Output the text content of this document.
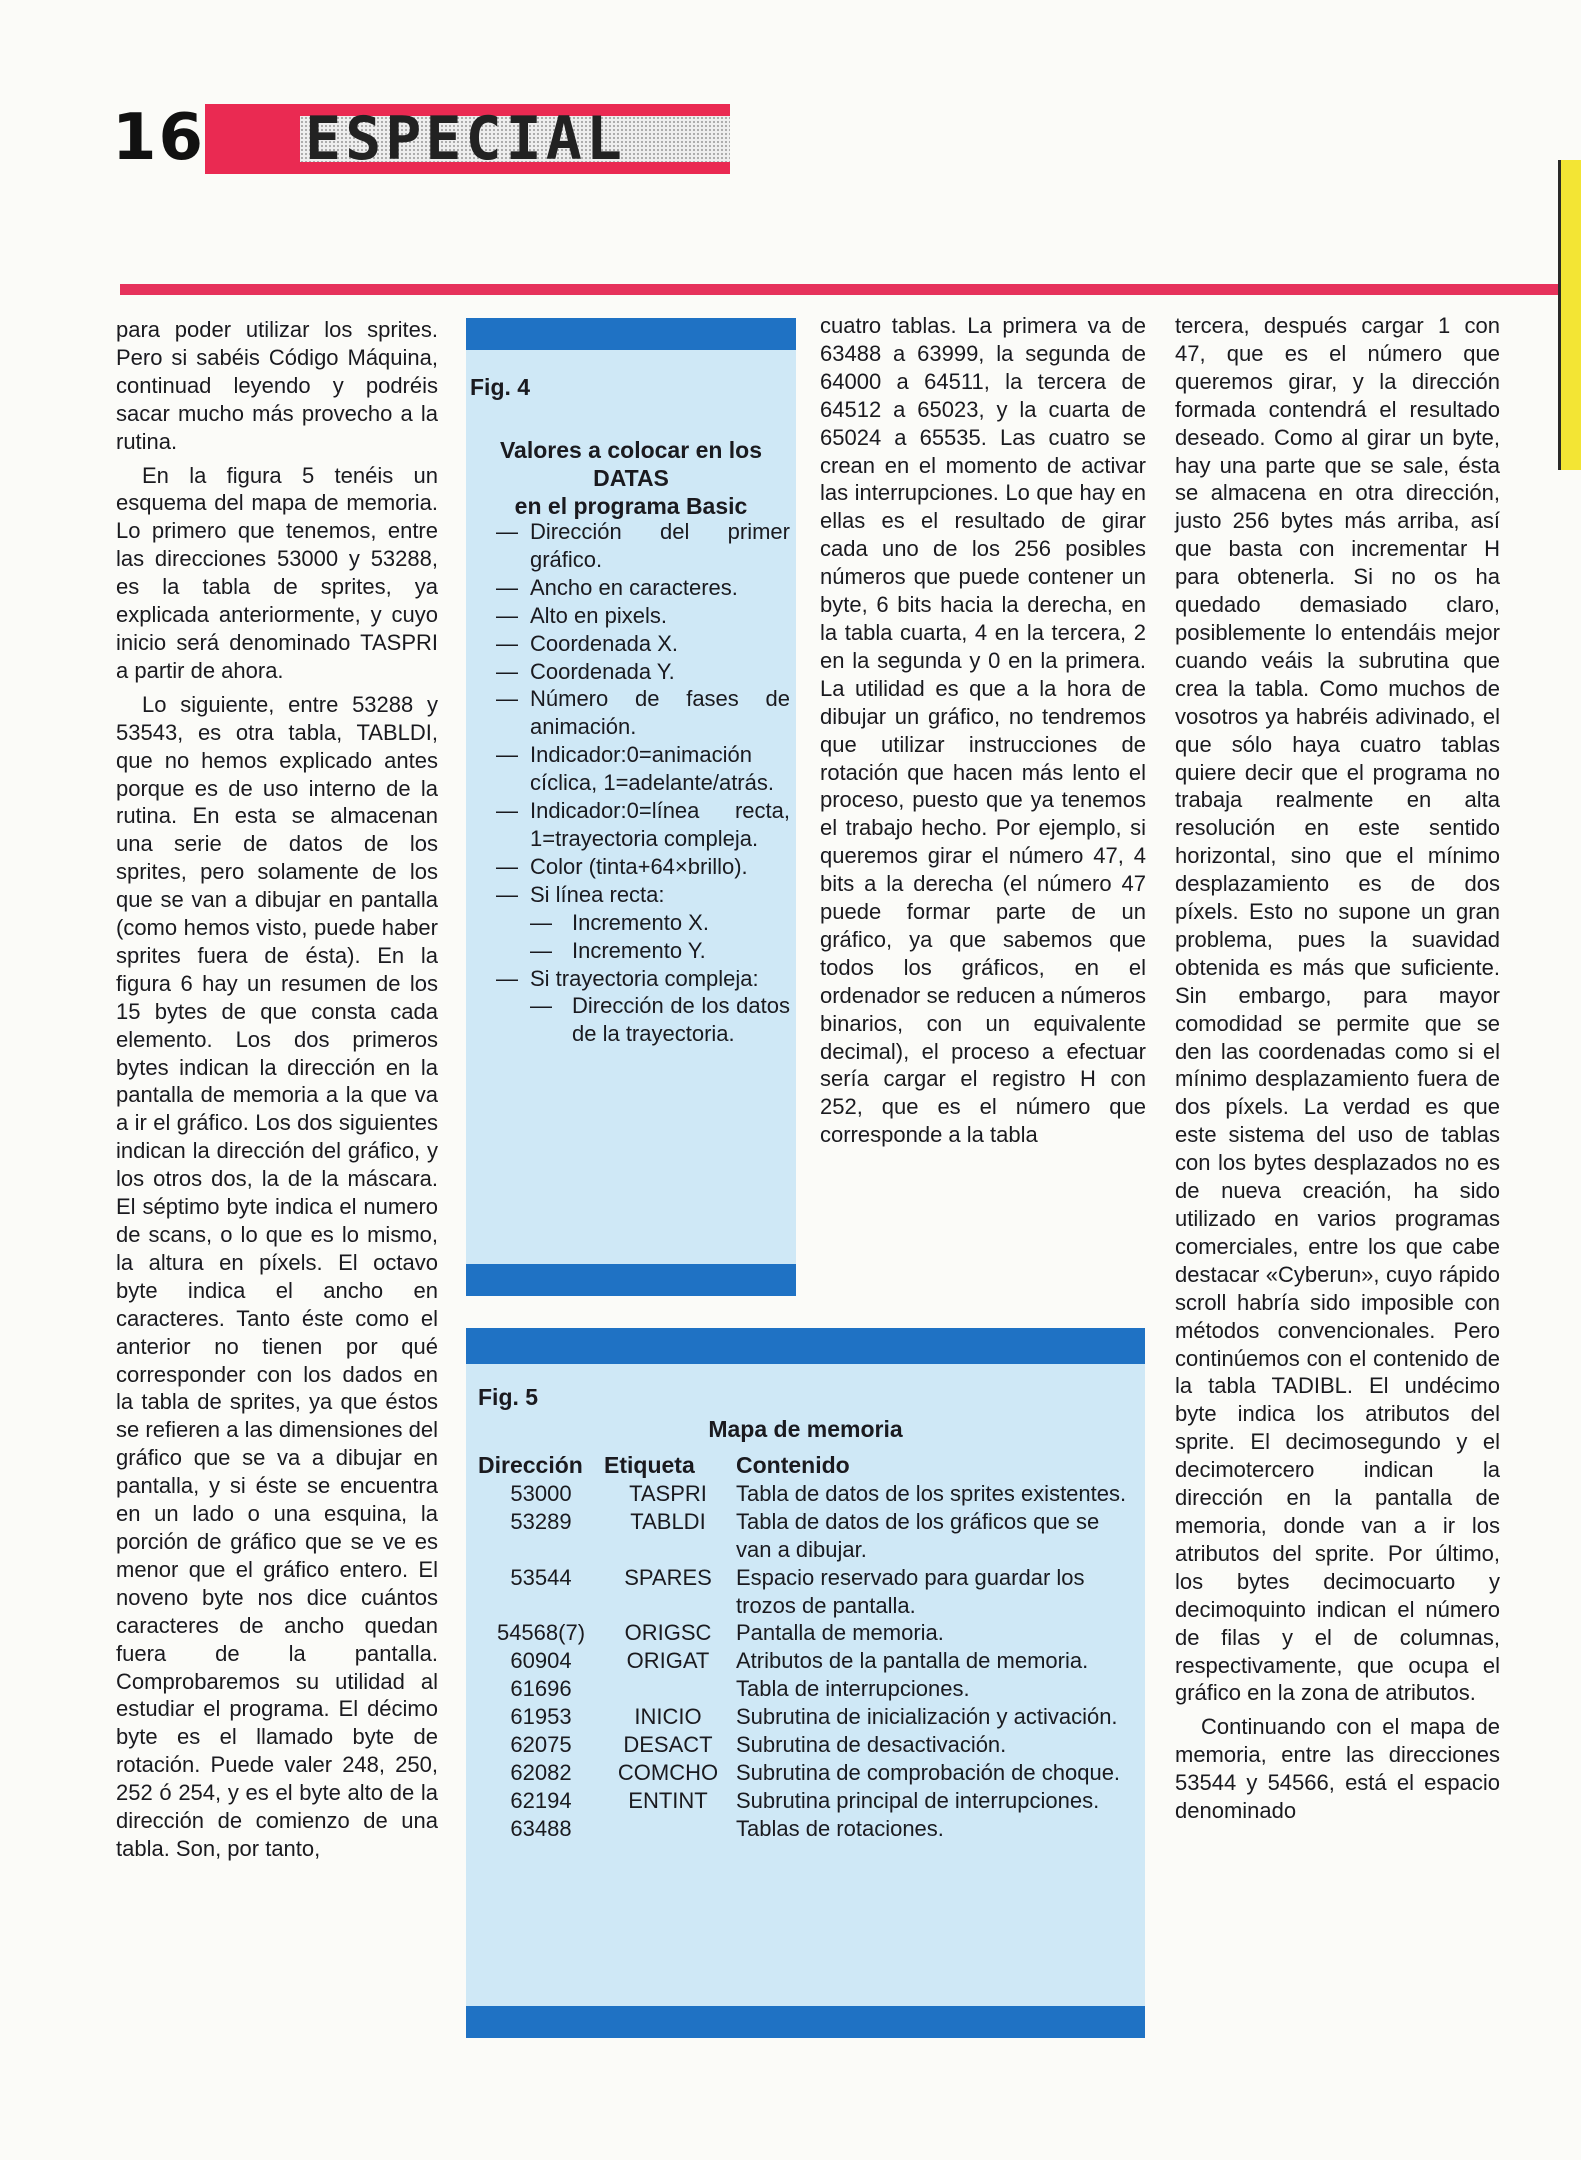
16 ESPECIAL

para poder utilizar los sprites. Pero si sabéis Código Máquina, continuad leyendo y podréis sacar mucho más provecho a la rutina.

En la figura 5 tenéis un esquema del mapa de memoria. Lo primero que tenemos, entre las direcciones 53000 y 53288, es la tabla de sprites, ya explicada anteriormente, y cuyo inicio será denominado TASPRI a partir de ahora.

Lo siguiente, entre 53288 y 53543, es otra tabla, TABLDI, que no hemos explicado antes porque es de uso interno de la rutina. En esta se almacenan una serie de datos de los sprites, pero solamente de los que se van a dibujar en pantalla (como hemos visto, puede haber sprites fuera de ésta). En la figura 6 hay un resumen de los 15 bytes de que consta cada elemento. Los dos primeros bytes indican la dirección en la pantalla de memoria a la que va a ir el gráfico. Los dos siguientes indican la dirección del gráfico, y los otros dos, la de la máscara. El séptimo byte indica el numero de scans, o lo que es lo mismo, la altura en píxels. El octavo byte indica el ancho en caracteres. Tanto éste como el anterior no tienen por qué corresponder con los dados en la tabla de sprites, ya que éstos se refieren a las dimensiones del gráfico que se va a dibujar en pantalla, y si éste se encuentra en un lado o una esquina, la porción de gráfico que se ve es menor que el gráfico entero. El noveno byte nos dice cuántos caracteres de ancho quedan fuera de la pantalla. Comprobaremos su utilidad al estudiar el programa. El décimo byte es el llamado byte de rotación. Puede valer 248, 250, 252 ó 254, y es el byte alto de la dirección de comienzo de una tabla. Son, por tanto,

Fig. 4
Valores a colocar en los DATAS
en el programa Basic
— Dirección del primer gráfico.
— Ancho en caracteres.
— Alto en pixels.
— Coordenada X.
— Coordenada Y.
— Número de fases de animación.
— Indicador:0=animación cíclica, 1=adelante/atrás.
— Indicador:0=línea recta, 1=trayectoria compleja.
— Color (tinta+64×brillo).
— Si línea recta:
— Incremento X.
— Incremento Y.
— Si trayectoria compleja:
— Dirección de los datos de la trayectoria.

cuatro tablas. La primera va de 63488 a 63999, la segunda de 64000 a 64511, la tercera de 64512 a 65023, y la cuarta de 65024 a 65535. Las cuatro se crean en el momento de activar las interrupciones. Lo que hay en ellas es el resultado de girar cada uno de los 256 posibles números que puede contener un byte, 6 bits hacia la derecha, en la tabla cuarta, 4 en la tercera, 2 en la segunda y 0 en la primera. La utilidad es que a la hora de dibujar un gráfico, no tendremos que utilizar instrucciones de rotación que hacen más lento el proceso, puesto que ya tenemos el trabajo hecho. Por ejemplo, si queremos girar el número 47, 4 bits a la derecha (el número 47 puede formar parte de un gráfico, ya que sabemos que todos los gráficos, en el ordenador se reducen a números binarios, con un equivalente decimal), el proceso a efectuar sería cargar el registro H con 252, que es el número que corresponde a la tabla

tercera, después cargar 1 con 47, que es el número que queremos girar, y la dirección formada contendrá el resultado deseado. Como al girar un byte, hay una parte que se sale, ésta se almacena en otra dirección, justo 256 bytes más arriba, así que basta con incrementar H para obtenerla. Si no os ha quedado demasiado claro, posiblemente lo entendáis mejor cuando veáis la subrutina que crea la tabla. Como muchos de vosotros ya habréis adivinado, el que sólo haya cuatro tablas quiere decir que el programa no trabaja realmente en alta resolución en este sentido horizontal, sino que el mínimo desplazamiento es de dos píxels. Esto no supone un gran problema, pues la suavidad obtenida es más que suficiente. Sin embargo, para mayor comodidad se permite que se den las coordenadas como si el mínimo desplazamiento fuera de dos píxels. La verdad es que este sistema del uso de tablas con los bytes desplazados no es de nueva creación, ha sido utilizado en varios programas comerciales, entre los que cabe destacar «Cyberun», cuyo rápido scroll habría sido imposible con métodos convencionales. Pero continúemos con el contenido de la tabla TADIBL. El undécimo byte indica los atributos del sprite. El decimosegundo y el decimotercero indican la dirección en la pantalla de memoria, donde van a ir los atributos del sprite. Por último, los bytes decimocuarto y decimoquinto indican el número de filas y el de columnas, respectivamente, que ocupa el gráfico en la zona de atributos.

Continuando con el mapa de memoria, entre las direcciones 53544 y 54566, está el espacio denominado

Fig. 5
Mapa de memoria
Dirección	Etiqueta	Contenido
53000	TASPRI	Tabla de datos de los sprites existentes.
53289	TABLDI	Tabla de datos de los gráficos que se van a dibujar.
53544	SPARES	Espacio reservado para guardar los trozos de pantalla.
54568(7)	ORIGSC	Pantalla de memoria.
60904	ORIGAT	Atributos de la pantalla de memoria.
61696		Tabla de interrupciones.
61953	INICIO	Subrutina de inicialización y activación.
62075	DESACT	Subrutina de desactivación.
62082	COMCHO	Subrutina de comprobación de choque.
62194	ENTINT	Subrutina principal de interrupciones.
63488		Tablas de rotaciones.
